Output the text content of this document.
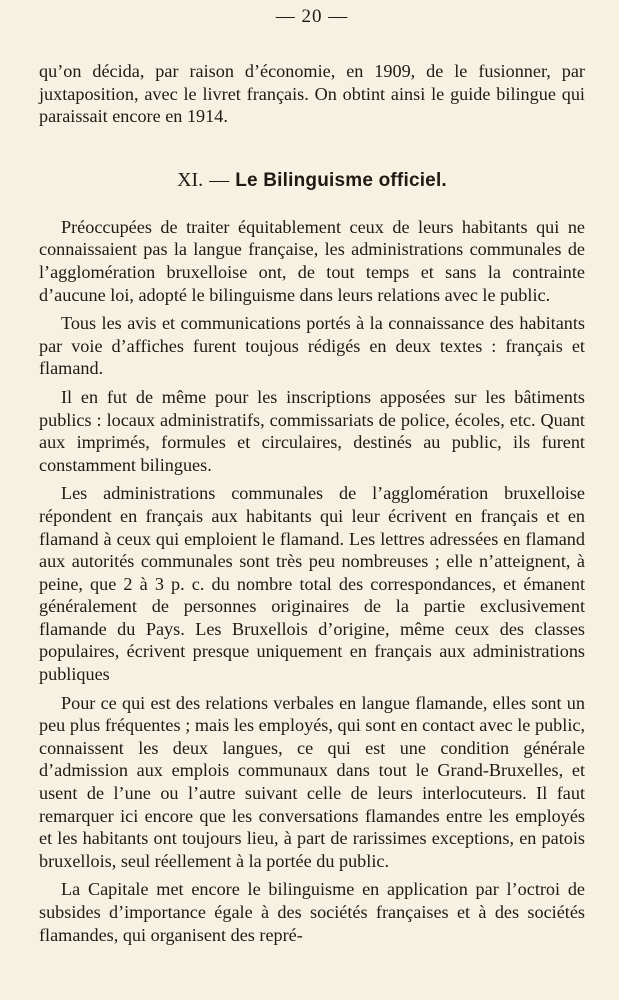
— 20 —

qu’on décida, par raison d’économie, en 1909, de le fusionner, par juxtaposition, avec le livret français. On obtint ainsi le guide bilingue qui paraissait encore en 1914.

XI. — Le Bilinguisme officiel.

Préoccupées de traiter équitablement ceux de leurs habitants qui ne connaissaient pas la langue française, les administrations communales de l’agglomération bruxelloise ont, de tout temps et sans la contrainte d’aucune loi, adopté le bilinguisme dans leurs relations avec le public.

Tous les avis et communications portés à la connaissance des habitants par voie d’affiches furent toujous rédigés en deux textes : français et flamand.

Il en fut de même pour les inscriptions apposées sur les bâtiments publics : locaux administratifs, commissariats de police, écoles, etc. Quant aux imprimés, formules et circulaires, destinés au public, ils furent constamment bilingues.

Les administrations communales de l’agglomération bruxelloise répondent en français aux habitants qui leur écrivent en français et en flamand à ceux qui emploient le flamand. Les lettres adressées en flamand aux autorités communales sont très peu nombreuses ; elle n’atteignent, à peine, que 2 à 3 p. c. du nombre total des correspondances, et émanent généralement de personnes originaires de la partie exclusivement flamande du Pays. Les Bruxellois d’origine, même ceux des classes populaires, écrivent presque uniquement en français aux administrations publiques

Pour ce qui est des relations verbales en langue flamande, elles sont un peu plus fréquentes ; mais les employés, qui sont en contact avec le public, connaissent les deux langues, ce qui est une condition générale d’admission aux emplois communaux dans tout le Grand-Bruxelles, et usent de l’une ou l’autre suivant celle de leurs interlocuteurs. Il faut remarquer ici encore que les conversations flamandes entre les employés et les habitants ont toujours lieu, à part de rarissimes exceptions, en patois bruxellois, seul réellement à la portée du public.

La Capitale met encore le bilinguisme en application par l’octroi de subsides d’importance égale à des sociétés françaises et à des sociétés flamandes, qui organisent des repré-
